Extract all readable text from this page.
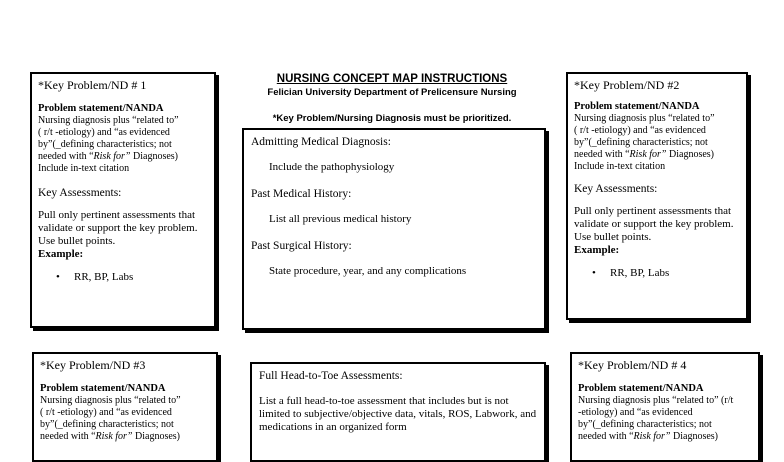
*Key Problem/ND # 1

Problem statement/NANDA

Nursing diagnosis plus “related to”

( r/t -etiology) and “as evidenced

by”(_defining characteristics; not

needed with “Risk for” Diagnoses)

Include in-text citation

Key Assessments:

Pull only pertinent assessments that validate or support the key problem. Use bullet points.

Example:

• RR, BP, Labs

NURSING CONCEPT MAP INSTRUCTIONS

Felician University Department of Prelicensure Nursing

*Key Problem/Nursing Diagnosis must be prioritized.

Admitting Medical Diagnosis:

• Include the pathophysiology

Past Medical History:

• List all previous medical history

Past Surgical History:

• State procedure, year, and any complications

*Key Problem/ND #2

Problem statement/NANDA

Nursing diagnosis plus “related to”

( r/t -etiology) and “as evidenced

by”(_defining characteristics; not

needed with “Risk for” Diagnoses)

Include in-text citation

Key Assessments:

Pull only pertinent assessments that validate or support the key problem. Use bullet points.

Example:

• RR, BP, Labs

*Key Problem/ND #3

Problem statement/NANDA

Nursing diagnosis plus “related to”

( r/t -etiology) and “as evidenced

by”(_defining characteristics; not

needed with “Risk for” Diagnoses)

Full Head-to-Toe Assessments:

List a full head-to-toe assessment that includes but is not limited to subjective/objective data, vitals, ROS, Labwork, and medications in an organized form

*Key Problem/ND # 4

Problem statement/NANDA

Nursing diagnosis plus “related to” (r/t

-etiology) and “as evidenced

by”(_defining characteristics; not

needed with “Risk for” Diagnoses)
